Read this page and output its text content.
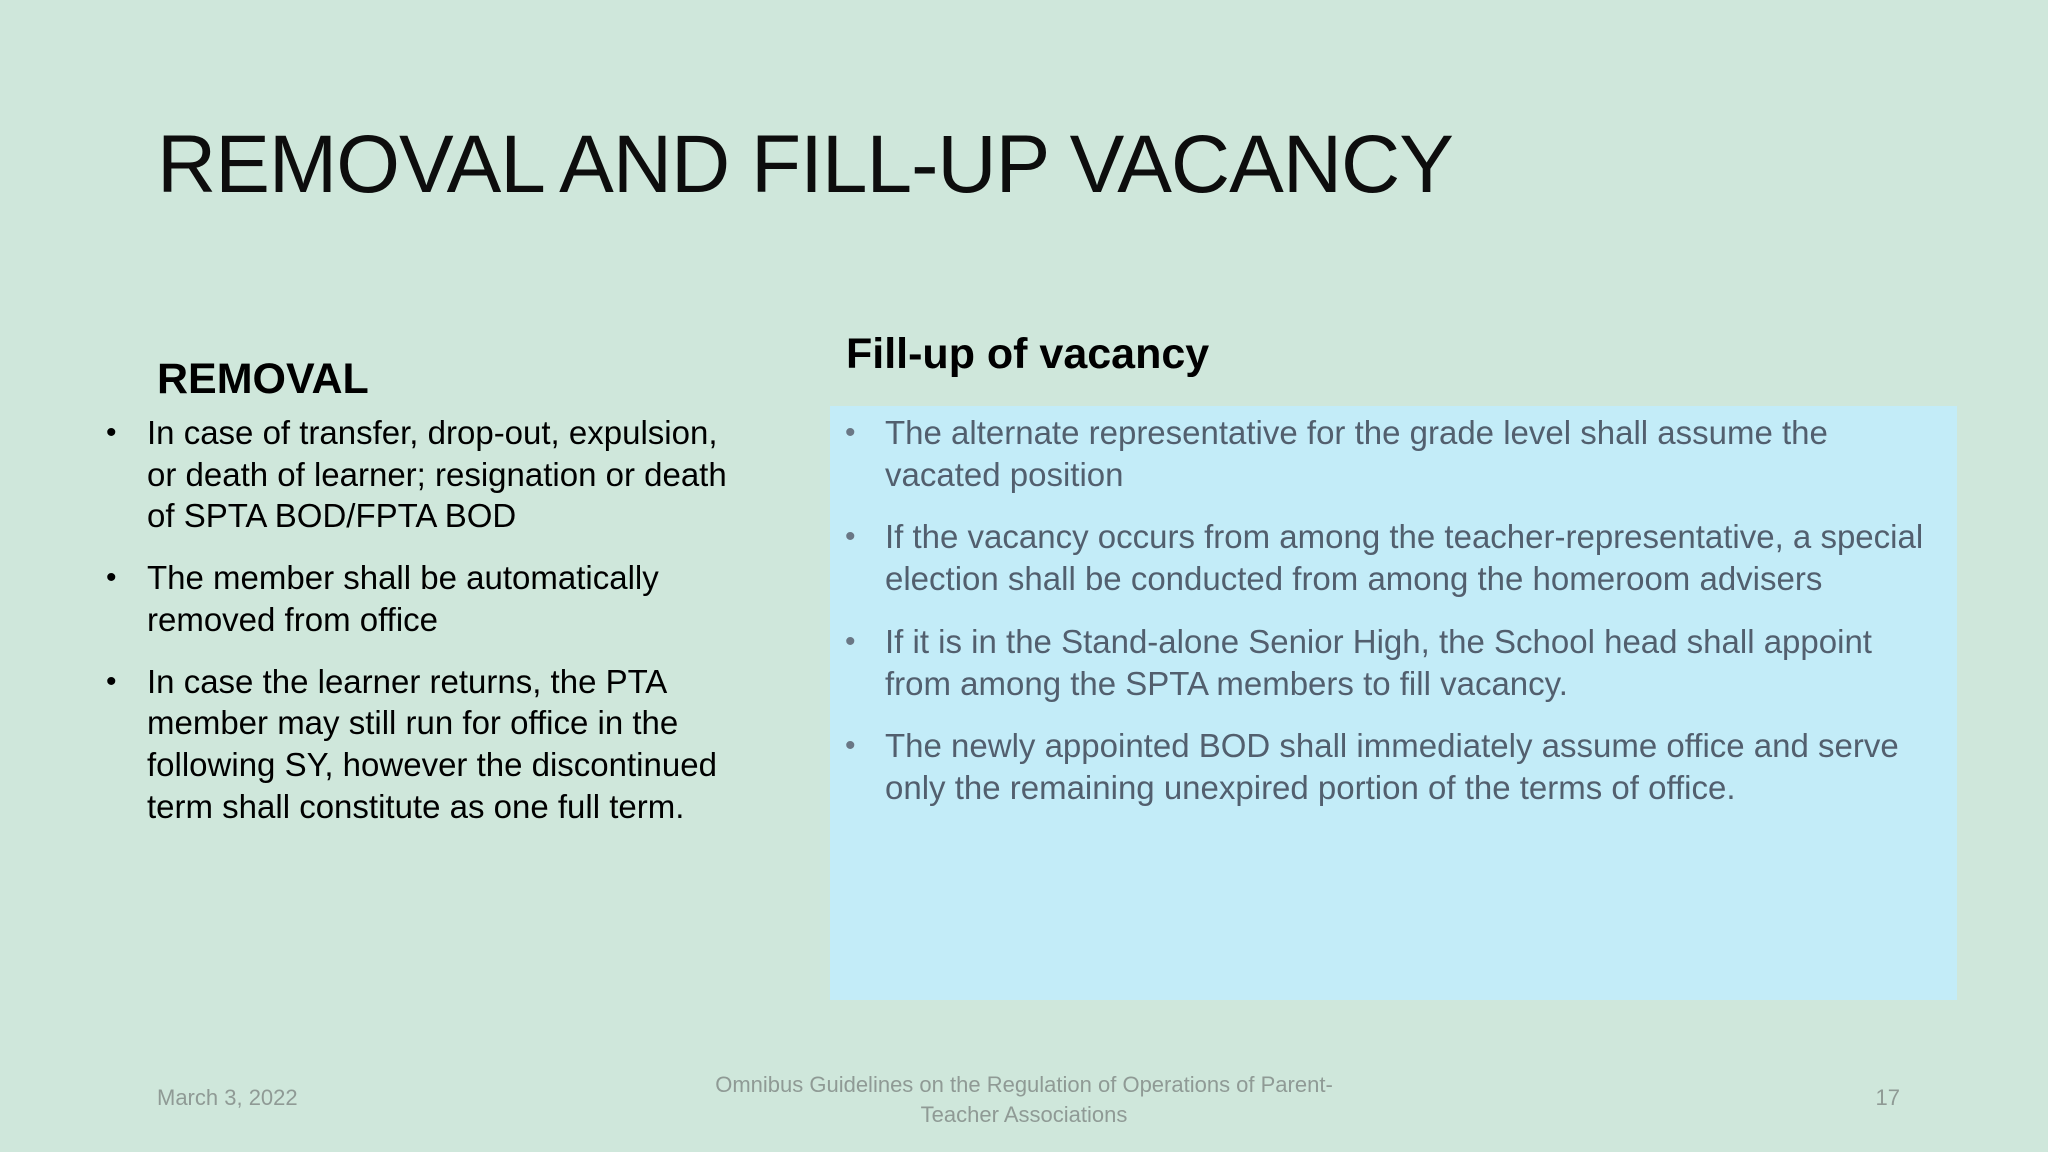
REMOVAL AND FILL-UP VACANCY
REMOVAL
• In case of transfer, drop-out, expulsion, or death of learner; resignation or death of SPTA BOD/FPTA BOD
• The member shall be automatically removed from office
• In case the learner returns, the PTA member may still run for office in the following SY, however the discontinued term shall constitute as one full term.
Fill-up of vacancy
• The alternate representative for the grade level shall assume the vacated position
• If the vacancy occurs from among the teacher-representative, a special election shall be conducted from among the homeroom advisers
• If it is in the Stand-alone Senior High, the School head shall appoint from among the SPTA members to fill vacancy.
• The newly appointed BOD shall immediately assume office and serve only the remaining unexpired portion of the terms of office.
March 3, 2022
Omnibus Guidelines on the Regulation of Operations of Parent-
Teacher Associations
17
